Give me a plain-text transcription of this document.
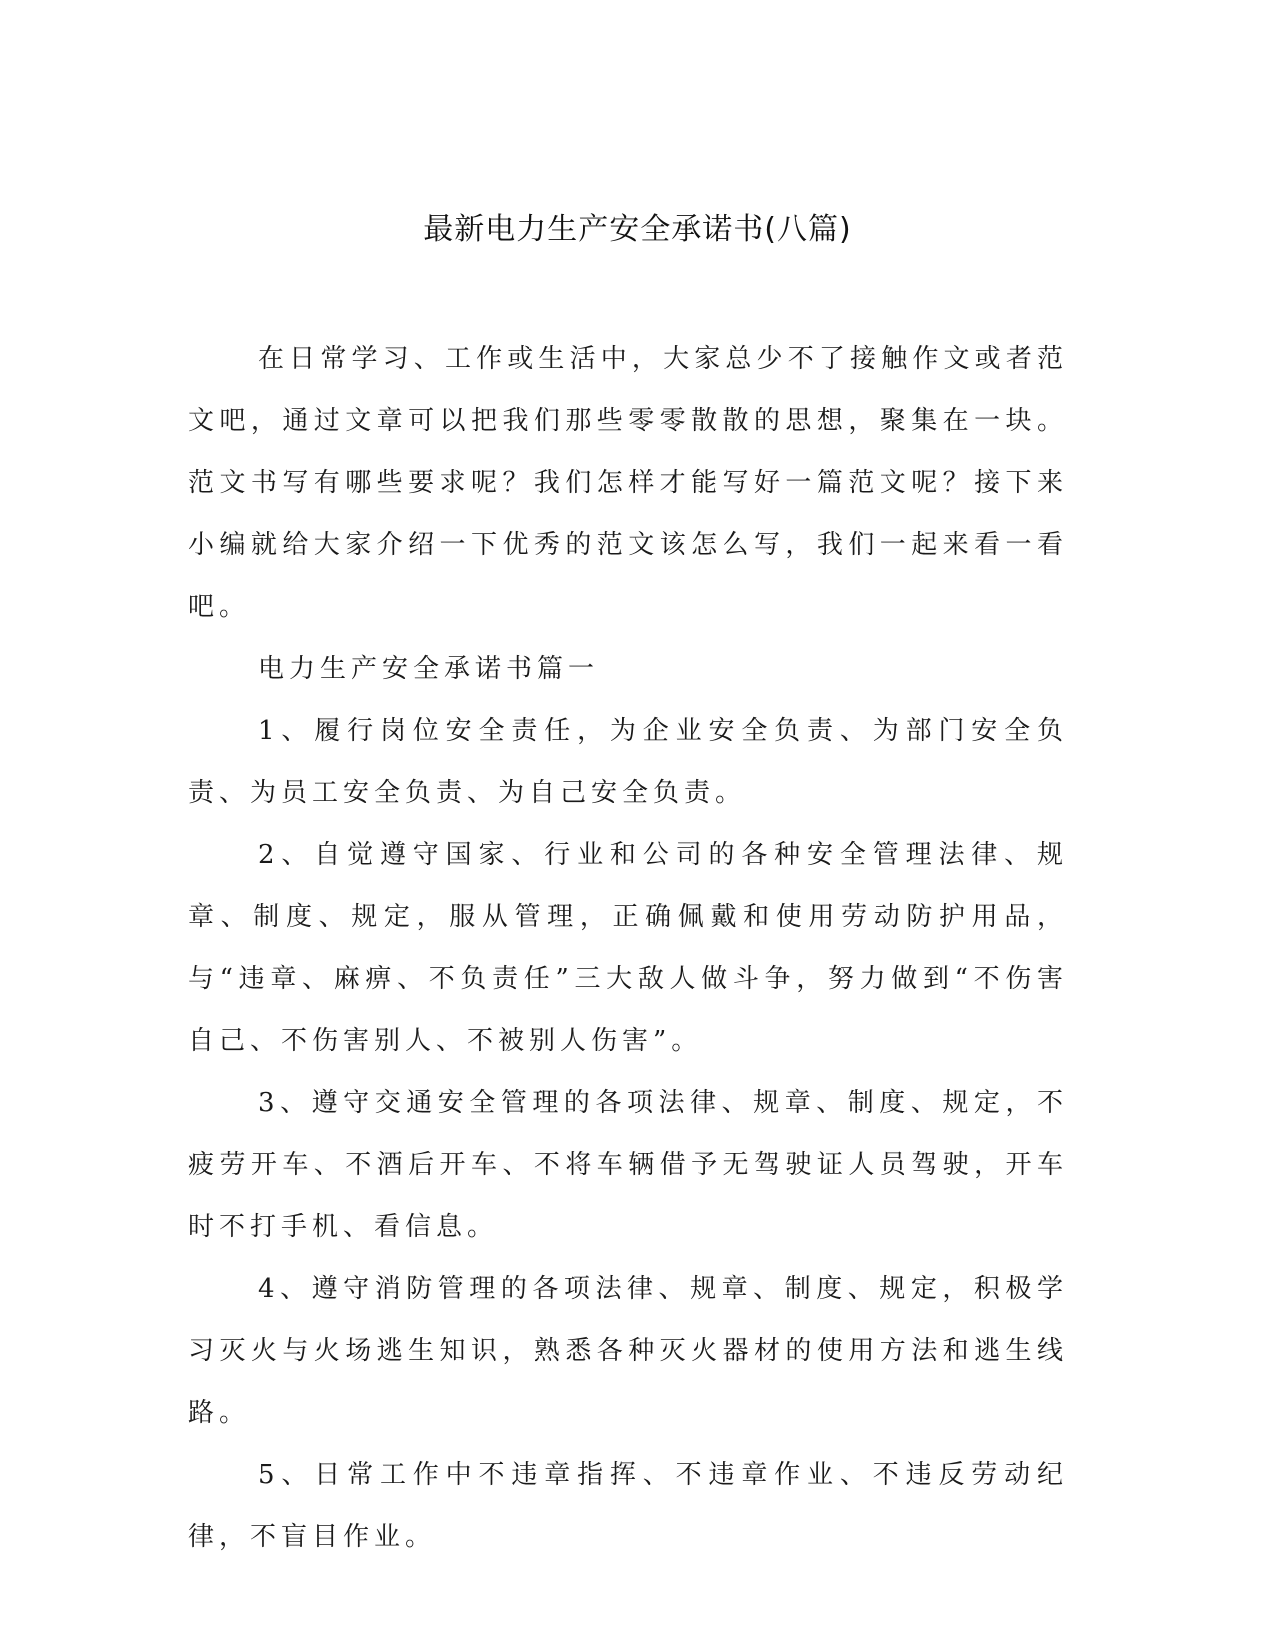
最新电力生产安全承诺书(八篇)

在日常学习、工作或生活中，大家总少不了接触作文或者范文吧，通过文章可以把我们那些零零散散的思想，聚集在一块。范文书写有哪些要求呢？我们怎样才能写好一篇范文呢？接下来小编就给大家介绍一下优秀的范文该怎么写，我们一起来看一看吧。

电力生产安全承诺书篇一

1、履行岗位安全责任，为企业安全负责、为部门安全负责、为员工安全负责、为自己安全负责。

2、自觉遵守国家、行业和公司的各种安全管理法律、规章、制度、规定，服从管理，正确佩戴和使用劳动防护用品，与“违章、麻痹、不负责任”三大敌人做斗争，努力做到“不伤害自己、不伤害别人、不被别人伤害”。

3、遵守交通安全管理的各项法律、规章、制度、规定，不疲劳开车、不酒后开车、不将车辆借予无驾驶证人员驾驶，开车时不打手机、看信息。

4、遵守消防管理的各项法律、规章、制度、规定，积极学习灭火与火场逃生知识，熟悉各种灭火器材的使用方法和逃生线路。

5、日常工作中不违章指挥、不违章作业、不违反劳动纪律，不盲目作业。
